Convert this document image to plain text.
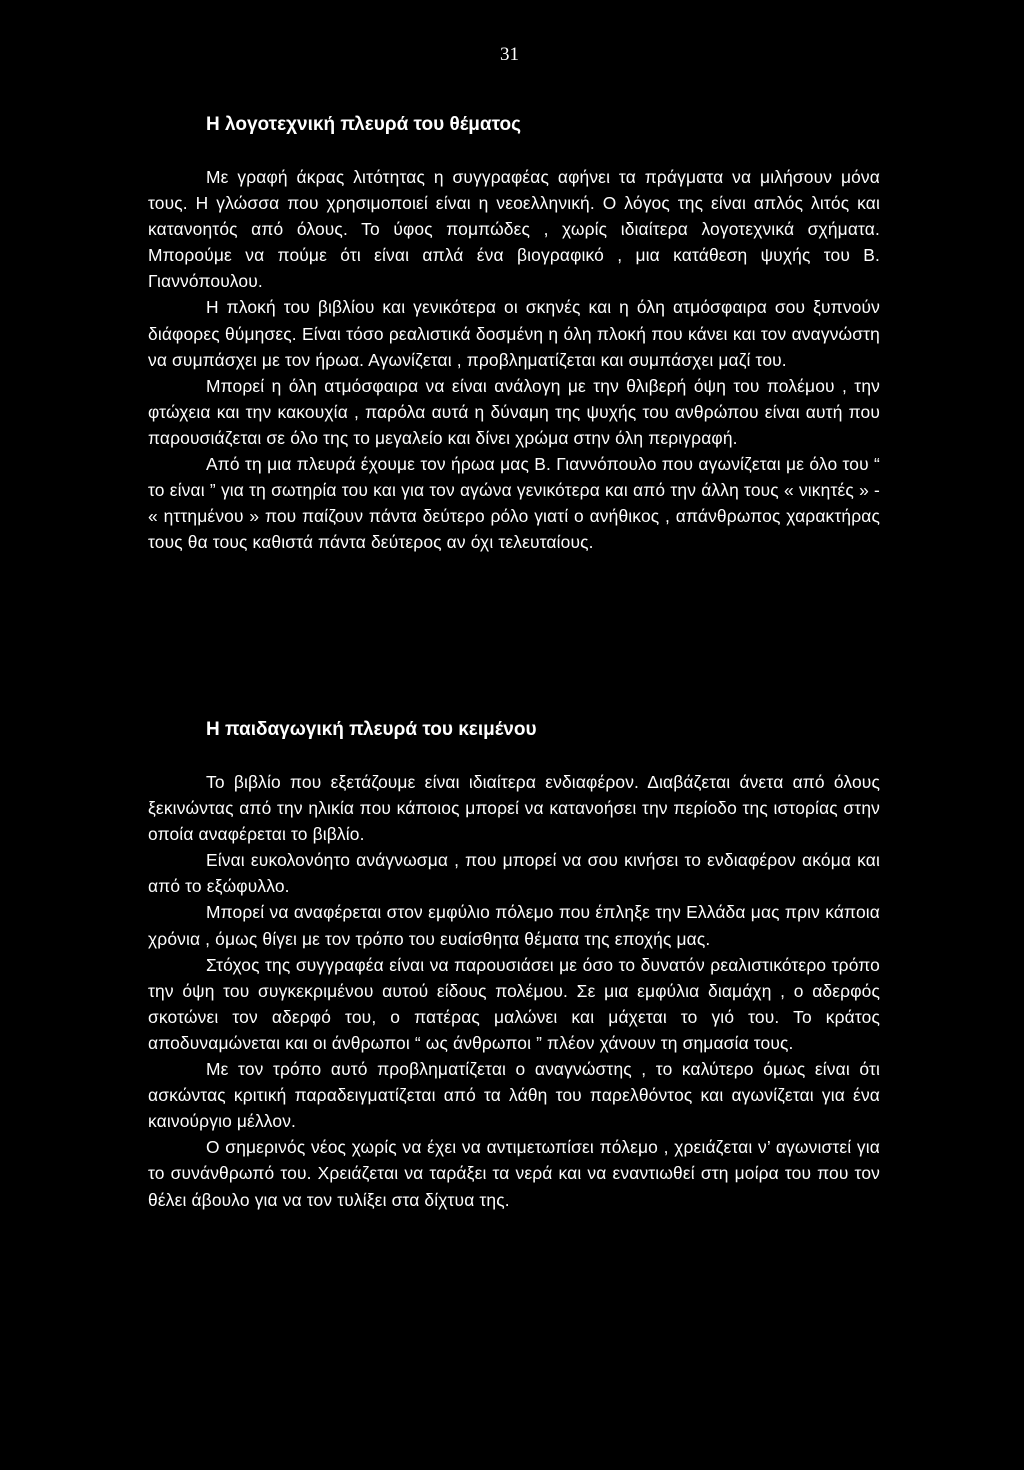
31
Η λογοτεχνική πλευρά του θέματος

Με γραφή άκρας λιτότητας η συγγραφέας αφήνει τα πράγματα να μιλήσουν μόνα τους. Η γλώσσα που χρησιμοποιεί είναι η νεοελληνική. Ο λόγος της είναι απλός λιτός και κατανοητός από όλους. Το ύφος πομπώδες , χωρίς ιδιαίτερα λογοτεχνικά σχήματα. Μπορούμε να πούμε ότι είναι απλά ένα βιογραφικό , μια κατάθεση ψυχής του Β. Γιαννόπουλου.

Η πλοκή του βιβλίου και γενικότερα οι σκηνές και η όλη ατμόσφαιρα σου ξυπνούν διάφορες θύμησες. Είναι τόσο ρεαλιστικά δοσμένη η όλη πλοκή που κάνει και τον αναγνώστη να συμπάσχει με τον ήρωα. Αγωνίζεται , προβληματίζεται και συμπάσχει μαζί του.

Μπορεί η όλη ατμόσφαιρα να είναι ανάλογη με την θλιβερή όψη του πολέμου , την φτώχεια και την κακουχία , παρόλα αυτά η δύναμη της ψυχής του ανθρώπου είναι αυτή που παρουσιάζεται σε όλο της το μεγαλείο και δίνει χρώμα στην όλη περιγραφή.

Από τη μια πλευρά έχουμε τον ήρωα μας Β. Γιαννόπουλο που αγωνίζεται με όλο του “ το είναι ” για τη σωτηρία του και για τον αγώνα γενικότερα και από την άλλη τους « νικητές » - « ηττημένου » που παίζουν πάντα δεύτερο ρόλο γιατί ο ανήθικος , απάνθρωπος χαρακτήρας τους θα τους καθιστά πάντα δεύτερος αν όχι τελευταίους.

Η παιδαγωγική πλευρά του κειμένου

Το βιβλίο που εξετάζουμε είναι ιδιαίτερα ενδιαφέρον. Διαβάζεται άνετα από όλους ξεκινώντας από την ηλικία που κάποιος μπορεί να κατανοήσει την περίοδο της ιστορίας στην οποία αναφέρεται το βιβλίο.

Είναι ευκολονόητο ανάγνωσμα , που μπορεί να σου κινήσει το ενδιαφέρον ακόμα και από το εξώφυλλο.

Μπορεί να αναφέρεται στον εμφύλιο πόλεμο που έπληξε την Ελλάδα μας πριν κάποια χρόνια , όμως θίγει με τον τρόπο του ευαίσθητα θέματα της εποχής μας.

Στόχος της συγγραφέα είναι να παρουσιάσει με όσο το δυνατόν ρεαλιστικότερο τρόπο την όψη του συγκεκριμένου αυτού είδους πολέμου. Σε μια εμφύλια διαμάχη , ο αδερφός σκοτώνει τον αδερφό του, ο πατέρας μαλώνει και μάχεται το γιό του. Το κράτος αποδυναμώνεται και οι άνθρωποι “ ως άνθρωποι ” πλέον χάνουν τη σημασία τους.

Με τον τρόπο αυτό προβληματίζεται ο αναγνώστης , το καλύτερο όμως είναι ότι ασκώντας κριτική παραδειγματίζεται από τα λάθη του παρελθόντος και αγωνίζεται για ένα καινούργιο μέλλον.

Ο σημερινός νέος χωρίς να έχει να αντιμετωπίσει πόλεμο , χρειάζεται ν’ αγωνιστεί για το συνάνθρωπό του. Χρειάζεται να ταράξει τα νερά και να εναντιωθεί στη μοίρα του που τον θέλει άβουλο για να τον τυλίξει στα δίχτυα της.
